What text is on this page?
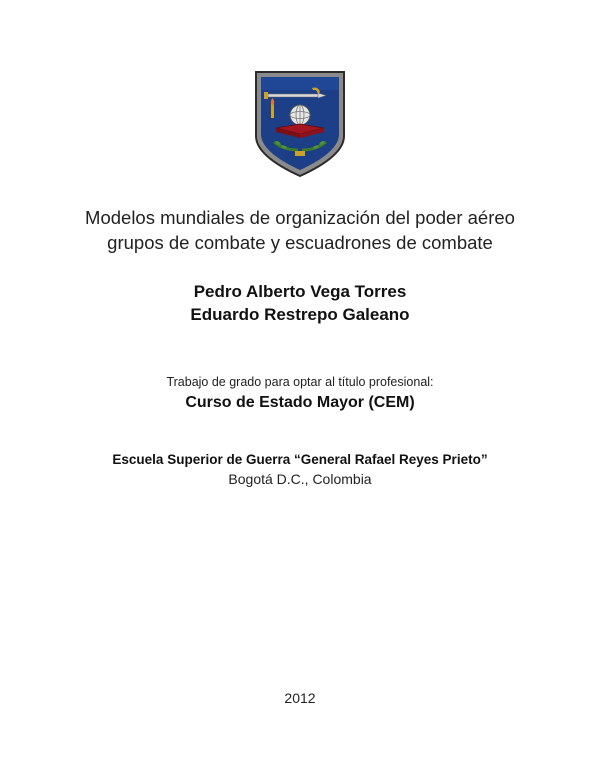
Modelos mundiales de organización del poder aéreo
grupos de combate y escuadrones de combate
Pedro Alberto Vega Torres
Eduardo Restrepo Galeano
Trabajo de grado para optar al título profesional:
Curso de Estado Mayor (CEM)
Escuela Superior de Guerra “General Rafael Reyes Prieto”
Bogotá D.C., Colombia
2012
